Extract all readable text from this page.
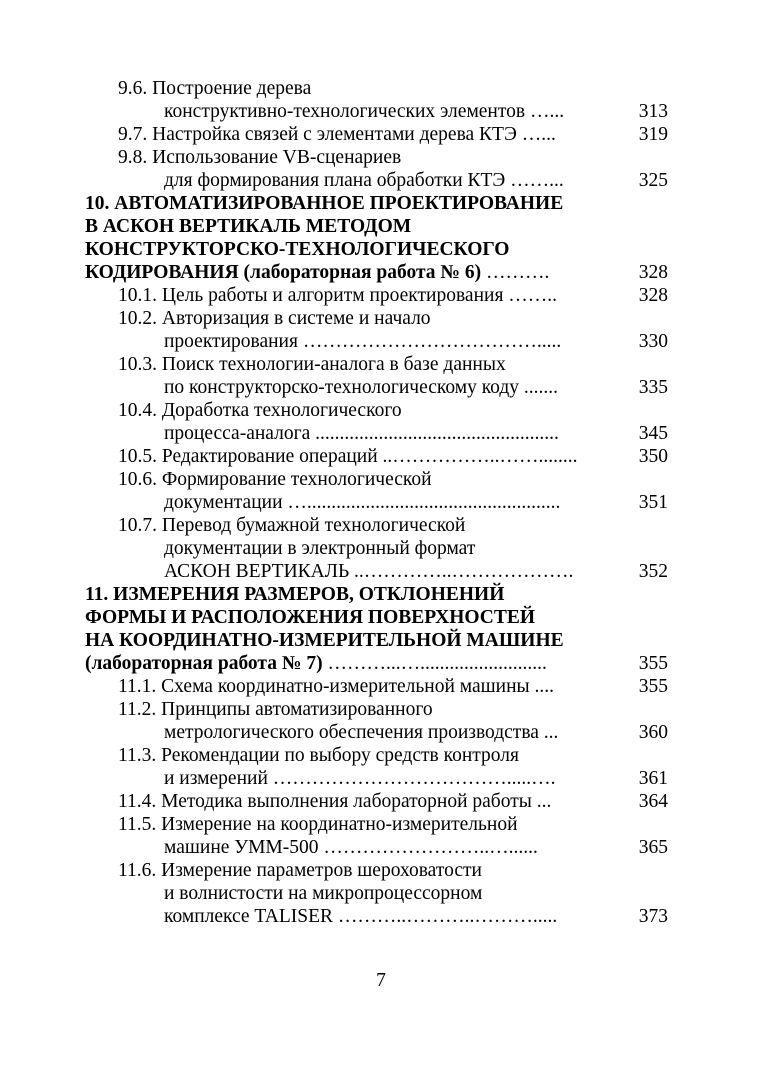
9.6. Построение дерева
конструктивно-технологических элементов …...	313
9.7. Настройка связей с элементами дерева КТЭ …...	319
9.8. Использование VB-сценариев
для формирования плана обработки КТЭ ……...	325
10. АВТОМАТИЗИРОВАННОЕ ПРОЕКТИРОВАНИЕ
В АСКОН ВЕРТИКАЛЬ МЕТОДОМ
КОНСТРУКТОРСКО-ТЕХНОЛОГИЧЕСКОГО
КОДИРОВАНИЯ (лабораторная работа № 6) ……….	328
10.1. Цель работы и алгоритм проектирования ……..	328
10.2. Авторизация в системе и начало
проектирования ……………………………….....	330
10.3. Поиск технологии-аналога в базе данных
по конструкторско-технологическому коду .......	335
10.4. Доработка технологического
процесса-аналога ..................................................	345
10.5. Редактирование операций ..……………..……........	350
10.6. Формирование технологической
документации …....................................................	351
10.7. Перевод бумажной технологической
документации в электронный формат
АСКОН ВЕРТИКАЛЬ ..…………..……………….	352
11. ИЗМЕРЕНИЯ РАЗМЕРОВ, ОТКЛОНЕНИЙ
ФОРМЫ И РАСПОЛОЖЕНИЯ ПОВЕРХНОСТЕЙ
НА КООРДИНАТНО-ИЗМЕРИТЕЛЬНОЙ МАШИНЕ
(лабораторная работа № 7) ………...…..........................	355
11.1. Схема координатно-измерительной машины ....	355
11.2. Принципы автоматизированного
метрологического обеспечения производства ...	360
11.3. Рекомендации по выбору средств контроля
и измерений ……………………………….....….	361
11.4. Методика выполнения лабораторной работы ...	364
11.5. Измерение на координатно-измерительной
машине УММ-500 ……………………..…......	365
11.6. Измерение параметров шероховатости
и волнистости на микропроцессорном
комплексе TALISER ………..………..……….....	373
7
